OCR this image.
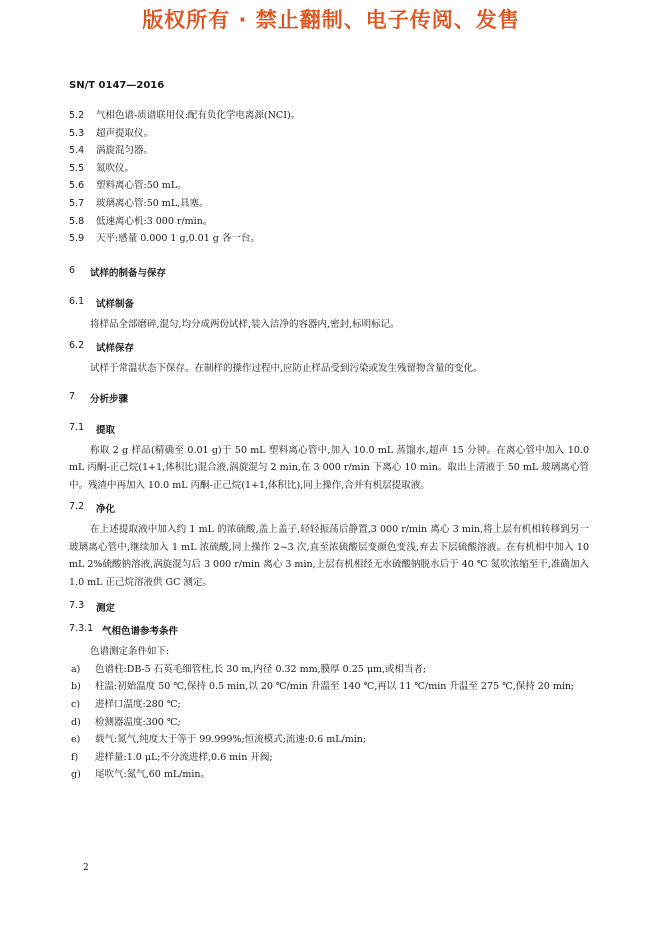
版权所有 · 禁止翻制、电子传阅、发售
SN/T 0147—2016
5.2	气相色谱-质谱联用仪:配有负化学电离源(NCI)。
5.3	超声提取仪。
5.4	涡旋混匀器。
5.5	氮吹仪。
5.6	塑料离心管:50 mL。
5.7	玻璃离心管:50 mL,具塞。
5.8	低速离心机:3 000 r/min。
5.9	天平:感量 0.000 1 g,0.01 g 各一台。
6	试样的制备与保存
6.1	试样制备
将样品全部磨碎,混匀,均分成两份试样,装入洁净的容器内,密封,标明标记。
6.2	试样保存
试样于常温状态下保存。在制样的操作过程中,应防止样品受到污染或发生残留物含量的变化。
7	分析步骤
7.1	提取
称取 2 g 样品(精确至 0.01 g)于 50 mL 塑料离心管中,加入 10.0 mL 蒸馏水,超声 15 分钟。在离心管中加入 10.0 mL 丙酮-正己烷(1+1,体积比)混合液,涡旋混匀 2 min,在 3 000 r/min 下离心 10 min。取出上清液于 50 mL 玻璃离心管中。残渣中再加入 10.0 mL 丙酮-正己烷(1+1,体积比),同上操作,合并有机层提取液。
7.2	净化
在上述提取液中加入约 1 mL 的浓硫酸,盖上盖子,轻轻振荡后静置,3 000 r/min 离心 3 min,将上层有机相转移到另一玻璃离心管中,继续加入 1 mL 浓硫酸,同上操作 2~3 次,直至浓硫酸层变颜色变浅,弃去下层硫酸溶液。在有机相中加入 10 mL 2%硫酸钠溶液,涡旋混匀后 3 000 r/min 离心 3 min,上层有机相经无水硫酸钠脱水后于 40 ℃ 氮吹浓缩至干,准确加入 1.0 mL 正己烷溶液供 GC 测定。
7.3	测定
7.3.1 气相色谱参考条件
色谱测定条件如下:
a)	色谱柱:DB-5 石英毛细管柱,长 30 m,内径 0.32 mm,膜厚 0.25 μm,或相当者;
b)	柱温:初始温度 50 ℃,保持 0.5 min,以 20 ℃/min 升温至 140 ℃,再以 11 ℃/min 升温至 275 ℃,保持 20 min;
c)	进样口温度:280 ℃;
d)	检测器温度:300 ℃;
e)	载气:氮气,纯度大于等于 99.999%;恒流模式;流速:0.6 mL/min;
f)	进样量:1.0 μL;不分流进样,0.6 min 开阀;
g)	尾吹气:氮气,60 mL/min。
2
